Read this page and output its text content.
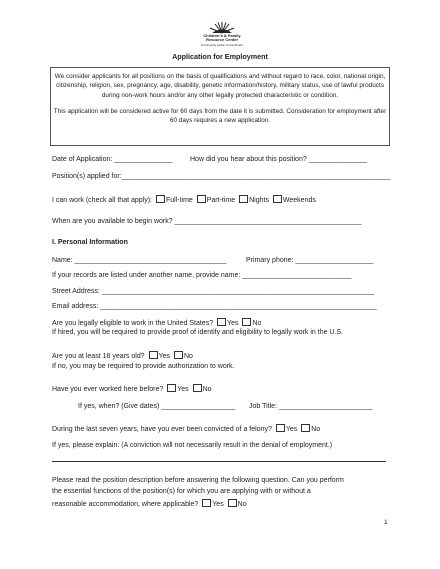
Children's & Family
Resource Center
Community Action Commitment
Application for Employment

We consider applicants for all positions on the basis of qualifications and without regard to race, color, national origin, citizenship, religion, sex, pregnancy, age, disability, genetic information/history, military status, use of lawful products during non-work hours and/or any other legally protected characteristic or condition.

This application will be considered active for 60 days from the date it is submitted. Consideration for employment after 60 days requires a new application.

Date of Application: _______________ How did you hear about this position? _______________
Position(s) applied for:_____________________________________________________________________
I can work (check all that apply): Full-time Part-time Nights Weekends
When are you available to begin work? ________________________________________________
I. Personal Information
Name: _______________________________________	Primary phone: ____________________
If your records are listed under another name, provide name: ____________________________
Street Address: ______________________________________________________________________
Email address: _______________________________________________________________________
Are you legally eligible to work in the United States? Yes No
If hired, you will be required to provide proof of identify and eligibility to legally work in the U.S.
Are you at least 18 years old? Yes No
If no, you may be required to provide authorization to work.
Have you ever worked here before? Yes No
If yes, when? (Give dates) ___________________ Job Title: ________________________
During the last seven years, have you ever been convicted of a felony? Yes No
If yes, please explain: (A conviction will not necessarily result in the denial of employment.)
Please read the position description before answering the following question. Can you perform
the essential functions of the position(s) for which you are applying with or without a
reasonable accommodation, where applicable? Yes No
1
